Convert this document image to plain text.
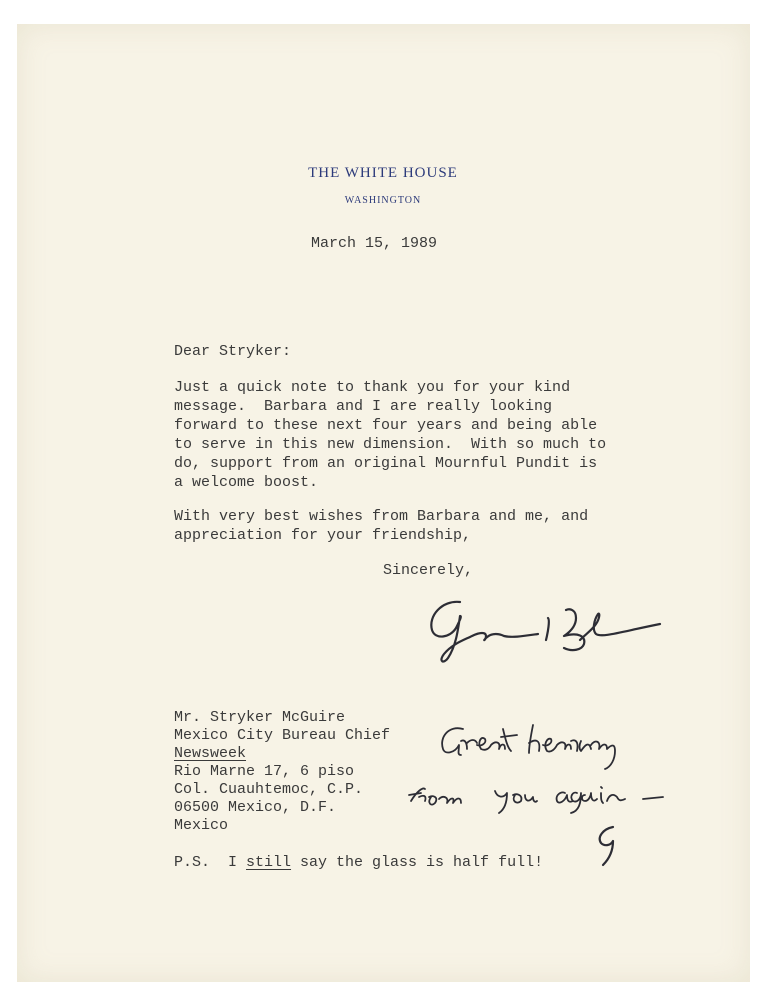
THE WHITE HOUSE
WASHINGTON
March 15, 1989
Dear Stryker:
Just a quick note to thank you for your kind
message.  Barbara and I are really looking
forward to these next four years and being able
to serve in this new dimension.  With so much to
do, support from an original Mournful Pundit is
a welcome boost.
With very best wishes from Barbara and me, and
appreciation for your friendship,
Sincerely,
Mr. Stryker McGuire
Mexico City Bureau Chief
Newsweek
Rio Marne 17, 6 piso
Col. Cuauhtemoc, C.P.
06500 Mexico, D.F.
Mexico
P.S.  I still say the glass is half full!
